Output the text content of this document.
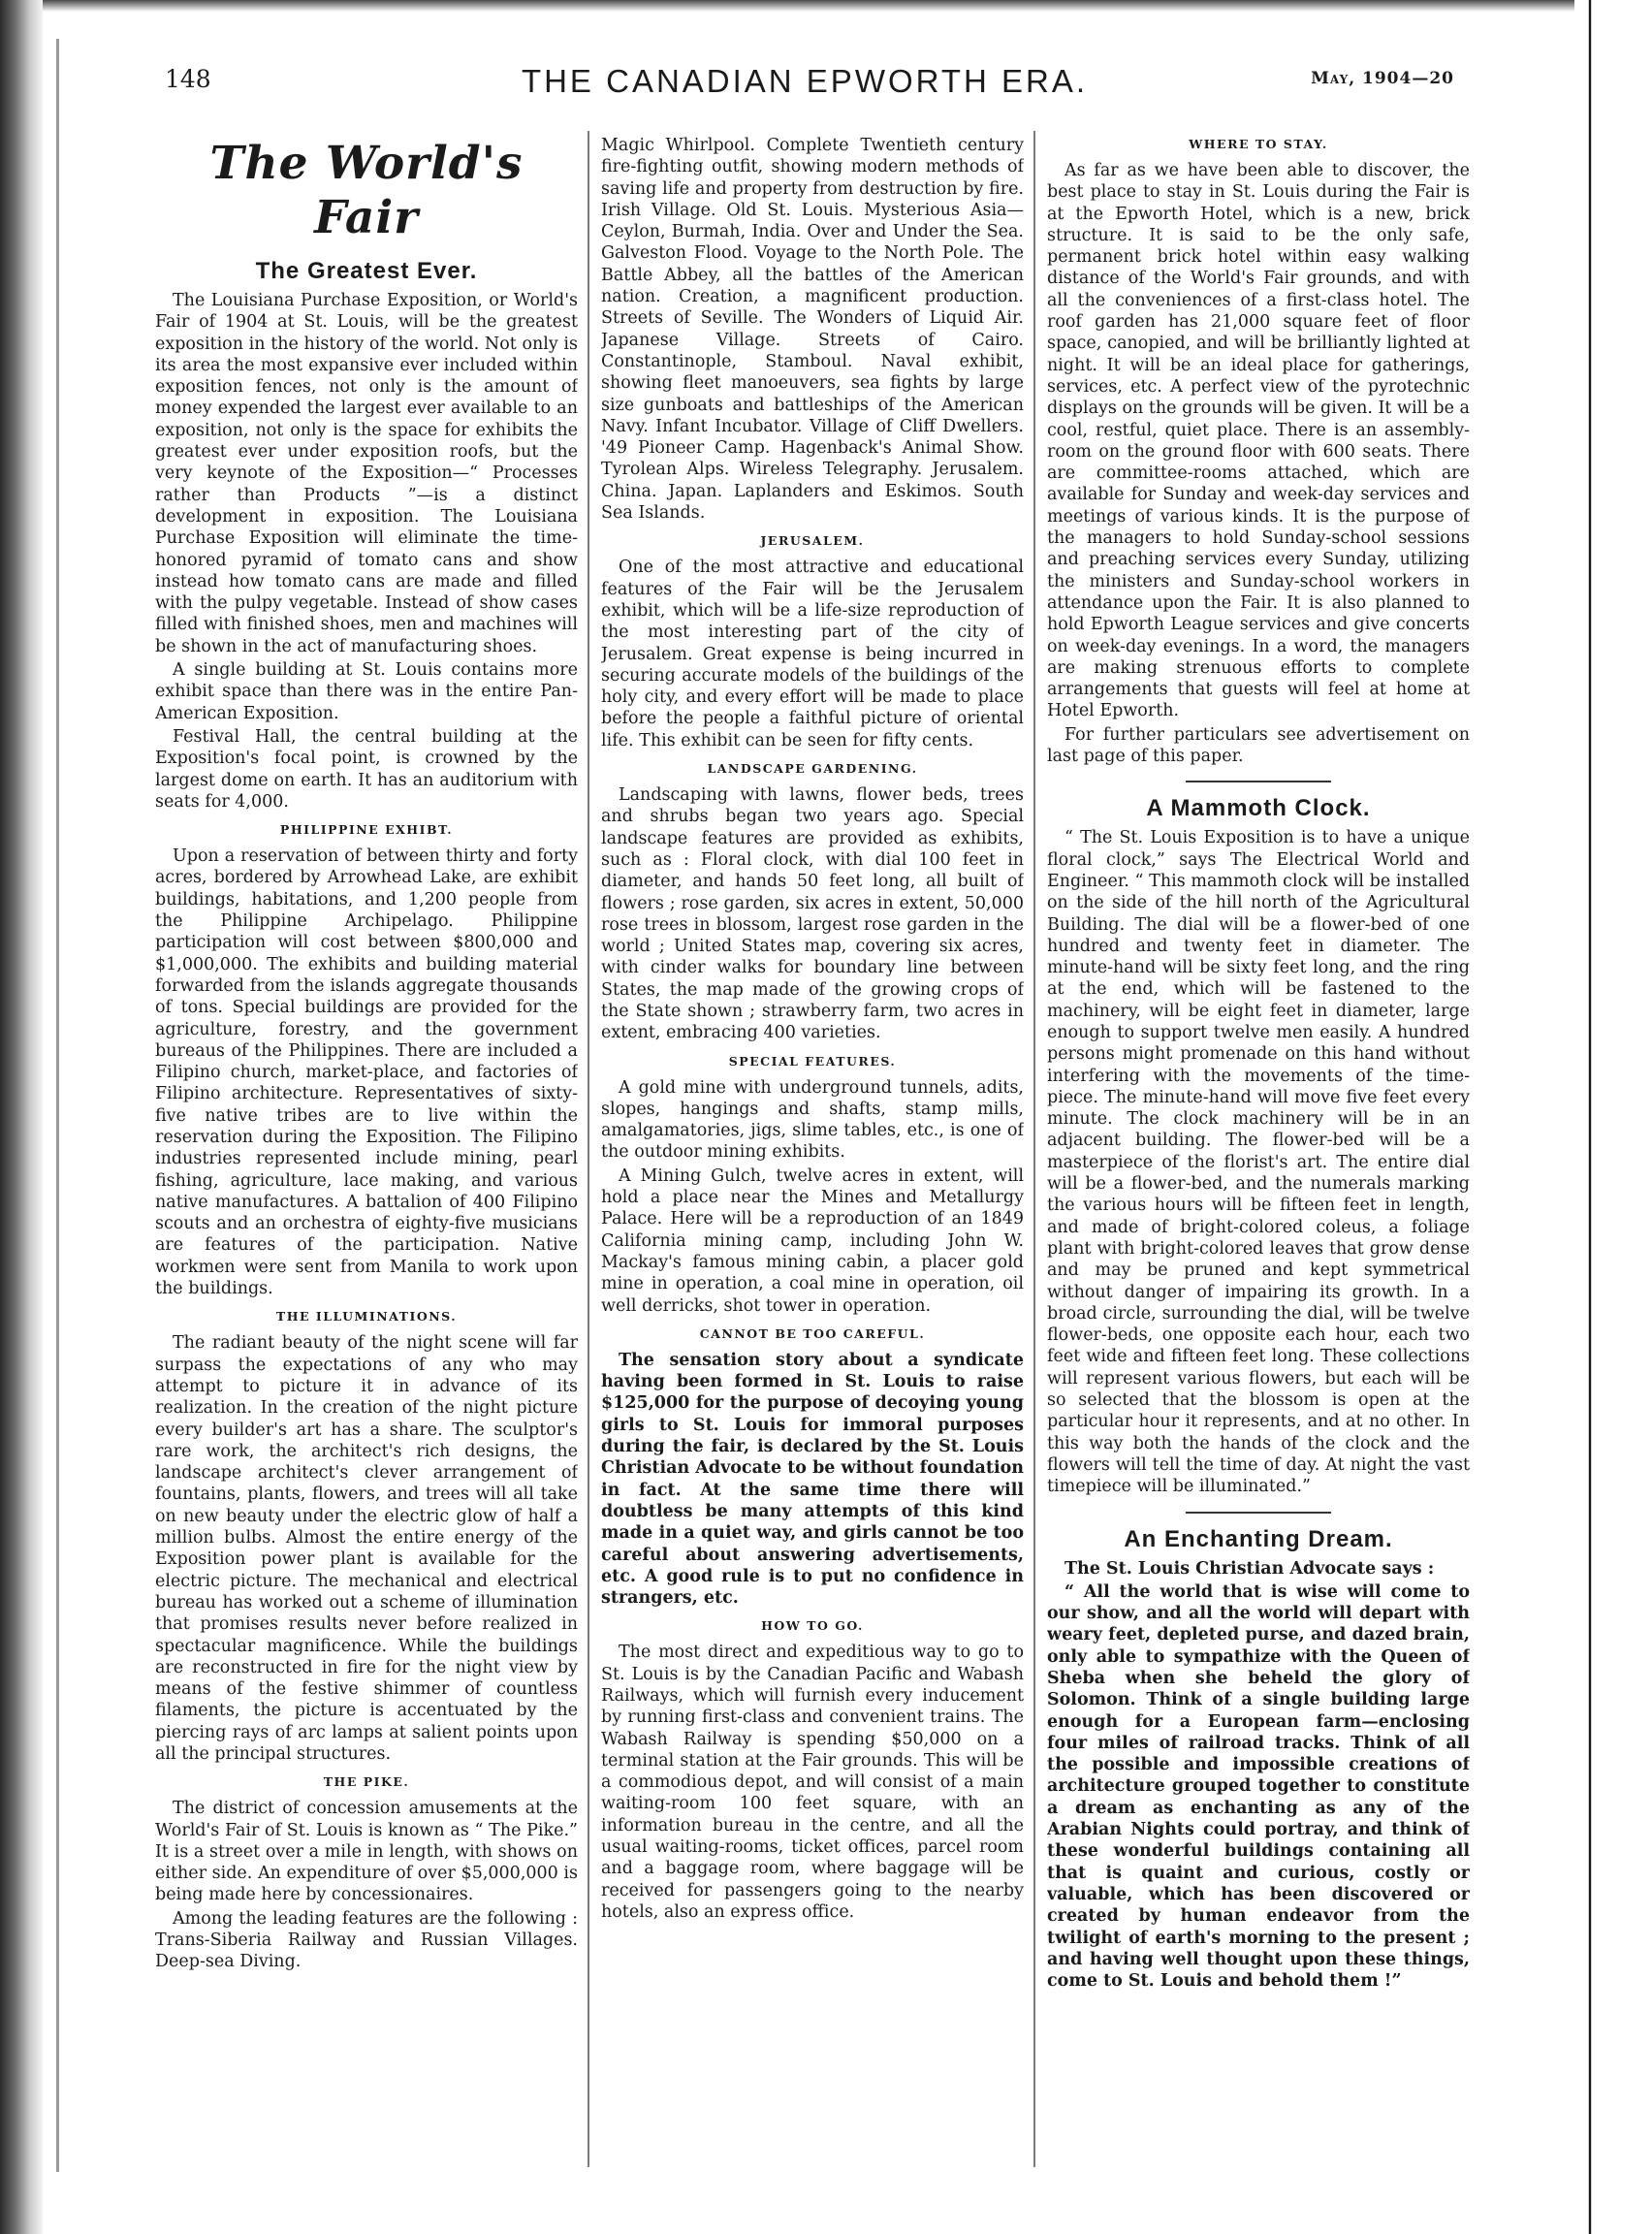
148	THE CANADIAN EPWORTH ERA.	May, 1904—20
The World's Fair
The Greatest Ever.

The Louisiana Purchase Exposition, or World's Fair of 1904 at St. Louis, will be the greatest exposition in the history of the world. Not only is its area the most expansive ever included within exposition fences, not only is the amount of money expended the largest ever available to an exposition, not only is the space for exhibits the greatest ever under exposition roofs, but the very keynote of the Exposition—“ Processes rather than Products ”—is a distinct development in exposition. The Louisiana Purchase Exposition will eliminate the time-honored pyramid of tomato cans and show instead how tomato cans are made and filled with the pulpy vegetable. Instead of show cases filled with finished shoes, men and machines will be shown in the act of manufacturing shoes.

A single building at St. Louis contains more exhibit space than there was in the entire Pan-American Exposition.

Festival Hall, the central building at the Exposition's focal point, is crowned by the largest dome on earth. It has an auditorium with seats for 4,000.

PHILIPPINE EXHIBT.

Upon a reservation of between thirty and forty acres, bordered by Arrowhead Lake, are exhibit buildings, habitations, and 1,200 people from the Philippine Archipelago. Philippine participation will cost between $800,000 and $1,000,000. The exhibits and building material forwarded from the islands aggregate thousands of tons. Special buildings are provided for the agriculture, forestry, and the government bureaus of the Philippines. There are included a Filipino church, market-place, and factories of Filipino architecture. Representatives of sixty-five native tribes are to live within the reservation during the Exposition. The Filipino industries represented include mining, pearl fishing, agriculture, lace making, and various native manufactures. A battalion of 400 Filipino scouts and an orchestra of eighty-five musicians are features of the participation. Native workmen were sent from Manila to work upon the buildings.

THE ILLUMINATIONS.

The radiant beauty of the night scene will far surpass the expectations of any who may attempt to picture it in advance of its realization. In the creation of the night picture every builder's art has a share. The sculptor's rare work, the architect's rich designs, the landscape architect's clever arrangement of fountains, plants, flowers, and trees will all take on new beauty under the electric glow of half a million bulbs. Almost the entire energy of the Exposition power plant is available for the electric picture. The mechanical and electrical bureau has worked out a scheme of illumination that promises results never before realized in spectacular magnificence. While the buildings are reconstructed in fire for the night view by means of the festive shimmer of countless filaments, the picture is accentuated by the piercing rays of arc lamps at salient points upon all the principal structures.

THE PIKE.

The district of concession amusements at the World's Fair of St. Louis is known as “ The Pike.” It is a street over a mile in length, with shows on either side. An expenditure of over $5,000,000 is being made here by concessionaires.

Among the leading features are the following : Trans-Siberia Railway and Russian Villages. Deep-sea Diving.

Magic Whirlpool. Complete Twentieth century fire-fighting outfit, showing modern methods of saving life and property from destruction by fire. Irish Village. Old St. Louis. Mysterious Asia—Ceylon, Burmah, India. Over and Under the Sea. Galveston Flood. Voyage to the North Pole. The Battle Abbey, all the battles of the American nation. Creation, a magnificent production. Streets of Seville. The Wonders of Liquid Air. Japanese Village. Streets of Cairo. Constantinople, Stamboul. Naval exhibit, showing fleet manoeuvers, sea fights by large size gunboats and battleships of the American Navy. Infant Incubator. Village of Cliff Dwellers. '49 Pioneer Camp. Hagenback's Animal Show. Tyrolean Alps. Wireless Telegraphy. Jerusalem. China. Japan. Laplanders and Eskimos. South Sea Islands.

JERUSALEM.

One of the most attractive and educational features of the Fair will be the Jerusalem exhibit, which will be a life-size reproduction of the most interesting part of the city of Jerusalem. Great expense is being incurred in securing accurate models of the buildings of the holy city, and every effort will be made to place before the people a faithful picture of oriental life. This exhibit can be seen for fifty cents.

LANDSCAPE GARDENING.

Landscaping with lawns, flower beds, trees and shrubs began two years ago. Special landscape features are provided as exhibits, such as : Floral clock, with dial 100 feet in diameter, and hands 50 feet long, all built of flowers ; rose garden, six acres in extent, 50,000 rose trees in blossom, largest rose garden in the world ; United States map, covering six acres, with cinder walks for boundary line between States, the map made of the growing crops of the State shown ; strawberry farm, two acres in extent, embracing 400 varieties.

SPECIAL FEATURES.

A gold mine with underground tunnels, adits, slopes, hangings and shafts, stamp mills, amalgamatories, jigs, slime tables, etc., is one of the outdoor mining exhibits.

A Mining Gulch, twelve acres in extent, will hold a place near the Mines and Metallurgy Palace. Here will be a reproduction of an 1849 California mining camp, including John W. Mackay's famous mining cabin, a placer gold mine in operation, a coal mine in operation, oil well derricks, shot tower in operation.

CANNOT BE TOO CAREFUL.

The sensation story about a syndicate having been formed in St. Louis to raise $125,000 for the purpose of decoying young girls to St. Louis for immoral purposes during the fair, is declared by the St. Louis Christian Advocate to be without foundation in fact. At the same time there will doubtless be many attempts of this kind made in a quiet way, and girls cannot be too careful about answering advertisements, etc. A good rule is to put no confidence in strangers, etc.

HOW TO GO.

The most direct and expeditious way to go to St. Louis is by the Canadian Pacific and Wabash Railways, which will furnish every inducement by running first-class and convenient trains. The Wabash Railway is spending $50,000 on a terminal station at the Fair grounds. This will be a commodious depot, and will consist of a main waiting-room 100 feet square, with an information bureau in the centre, and all the usual waiting-rooms, ticket offices, parcel room and a baggage room, where baggage will be received for passengers going to the nearby hotels, also an express office.

WHERE TO STAY.

As far as we have been able to discover, the best place to stay in St. Louis during the Fair is at the Epworth Hotel, which is a new, brick structure. It is said to be the only safe, permanent brick hotel within easy walking distance of the World's Fair grounds, and with all the conveniences of a first-class hotel. The roof garden has 21,000 square feet of floor space, canopied, and will be brilliantly lighted at night. It will be an ideal place for gatherings, services, etc. A perfect view of the pyrotechnic displays on the grounds will be given. It will be a cool, restful, quiet place. There is an assembly-room on the ground floor with 600 seats. There are committee-rooms attached, which are available for Sunday and week-day services and meetings of various kinds. It is the purpose of the managers to hold Sunday-school sessions and preaching services every Sunday, utilizing the ministers and Sunday-school workers in attendance upon the Fair. It is also planned to hold Epworth League services and give concerts on week-day evenings. In a word, the managers are making strenuous efforts to complete arrangements that guests will feel at home at Hotel Epworth.

For further particulars see advertisement on last page of this paper.

A Mammoth Clock.

“ The St. Louis Exposition is to have a unique floral clock,” says The Electrical World and Engineer. “ This mammoth clock will be installed on the side of the hill north of the Agricultural Building. The dial will be a flower-bed of one hundred and twenty feet in diameter. The minute-hand will be sixty feet long, and the ring at the end, which will be fastened to the machinery, will be eight feet in diameter, large enough to support twelve men easily. A hundred persons might promenade on this hand without interfering with the movements of the time-piece. The minute-hand will move five feet every minute. The clock machinery will be in an adjacent building. The flower-bed will be a masterpiece of the florist's art. The entire dial will be a flower-bed, and the numerals marking the various hours will be fifteen feet in length, and made of bright-colored coleus, a foliage plant with bright-colored leaves that grow dense and may be pruned and kept symmetrical without danger of impairing its growth. In a broad circle, surrounding the dial, will be twelve flower-beds, one opposite each hour, each two feet wide and fifteen feet long. These collections will represent various flowers, but each will be so selected that the blossom is open at the particular hour it represents, and at no other. In this way both the hands of the clock and the flowers will tell the time of day. At night the vast timepiece will be illuminated.”

An Enchanting Dream.

The St. Louis Christian Advocate says :

“ All the world that is wise will come to our show, and all the world will depart with weary feet, depleted purse, and dazed brain, only able to sympathize with the Queen of Sheba when she beheld the glory of Solomon. Think of a single building large enough for a European farm—enclosing four miles of railroad tracks. Think of all the possible and impossible creations of architecture grouped together to constitute a dream as enchanting as any of the Arabian Nights could portray, and think of these wonderful buildings containing all that is quaint and curious, costly or valuable, which has been discovered or created by human endeavor from the twilight of earth's morning to the present ; and having well thought upon these things, come to St. Louis and behold them !”
